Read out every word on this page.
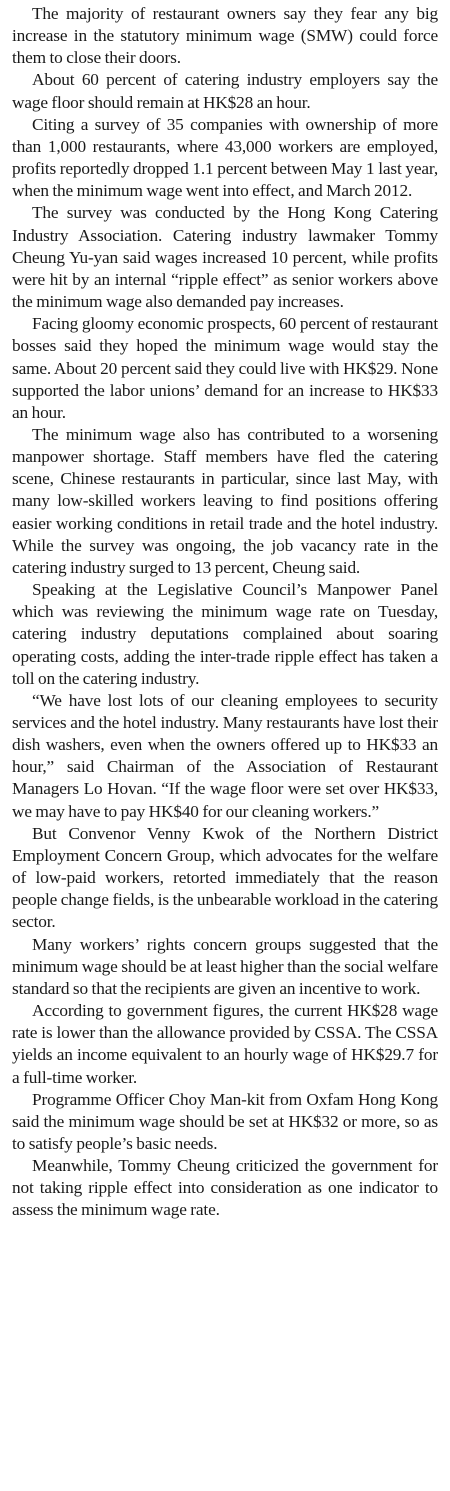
The majority of restaurant owners say they fear any big increase in the statutory minimum wage (SMW) could force them to close their doors.

About 60 percent of catering industry employers say the wage floor should remain at HK$28 an hour.

Citing a survey of 35 companies with ownership of more than 1,000 restaurants, where 43,000 workers are employed, profits reportedly dropped 1.1 percent between May 1 last year, when the minimum wage went into effect, and March 2012.

The survey was conducted by the Hong Kong Catering Industry Association. Catering industry lawmaker Tommy Cheung Yu-yan said wages increased 10 percent, while profits were hit by an internal “ripple effect” as senior workers above the minimum wage also demanded pay increases.

Facing gloomy economic prospects, 60 percent of restaurant bosses said they hoped the minimum wage would stay the same. About 20 percent said they could live with HK$29. None supported the labor unions’ demand for an increase to HK$33 an hour.

The minimum wage also has contributed to a worsening manpower shortage. Staff members have fled the catering scene, Chinese restaurants in particular, since last May, with many low-skilled workers leaving to find positions offering easier working conditions in retail trade and the hotel industry. While the survey was ongoing, the job vacancy rate in the catering industry surged to 13 percent, Cheung said.

Speaking at the Legislative Council’s Manpower Panel which was reviewing the minimum wage rate on Tuesday, catering industry deputations complained about soaring operating costs, adding the inter-trade ripple effect has taken a toll on the catering industry.

“We have lost lots of our cleaning employees to security services and the hotel industry. Many restaurants have lost their dish washers, even when the owners offered up to HK$33 an hour,” said Chairman of the Association of Restaurant Managers Lo Hovan. “If the wage floor were set over HK$33, we may have to pay HK$40 for our cleaning workers.”

But Convenor Venny Kwok of the Northern District Employment Concern Group, which advocates for the welfare of low-paid workers, retorted immediately that the reason people change fields, is the unbearable workload in the catering sector.

Many workers’ rights concern groups suggested that the minimum wage should be at least higher than the social welfare standard so that the recipients are given an incentive to work.

According to government figures, the current HK$28 wage rate is lower than the allowance provided by CSSA. The CSSA yields an income equivalent to an hourly wage of HK$29.7 for a full-time worker.

Programme Officer Choy Man-kit from Oxfam Hong Kong said the minimum wage should be set at HK$32 or more, so as to satisfy people’s basic needs.

Meanwhile, Tommy Cheung criticized the government for not taking ripple effect into consideration as one indicator to assess the minimum wage rate.
